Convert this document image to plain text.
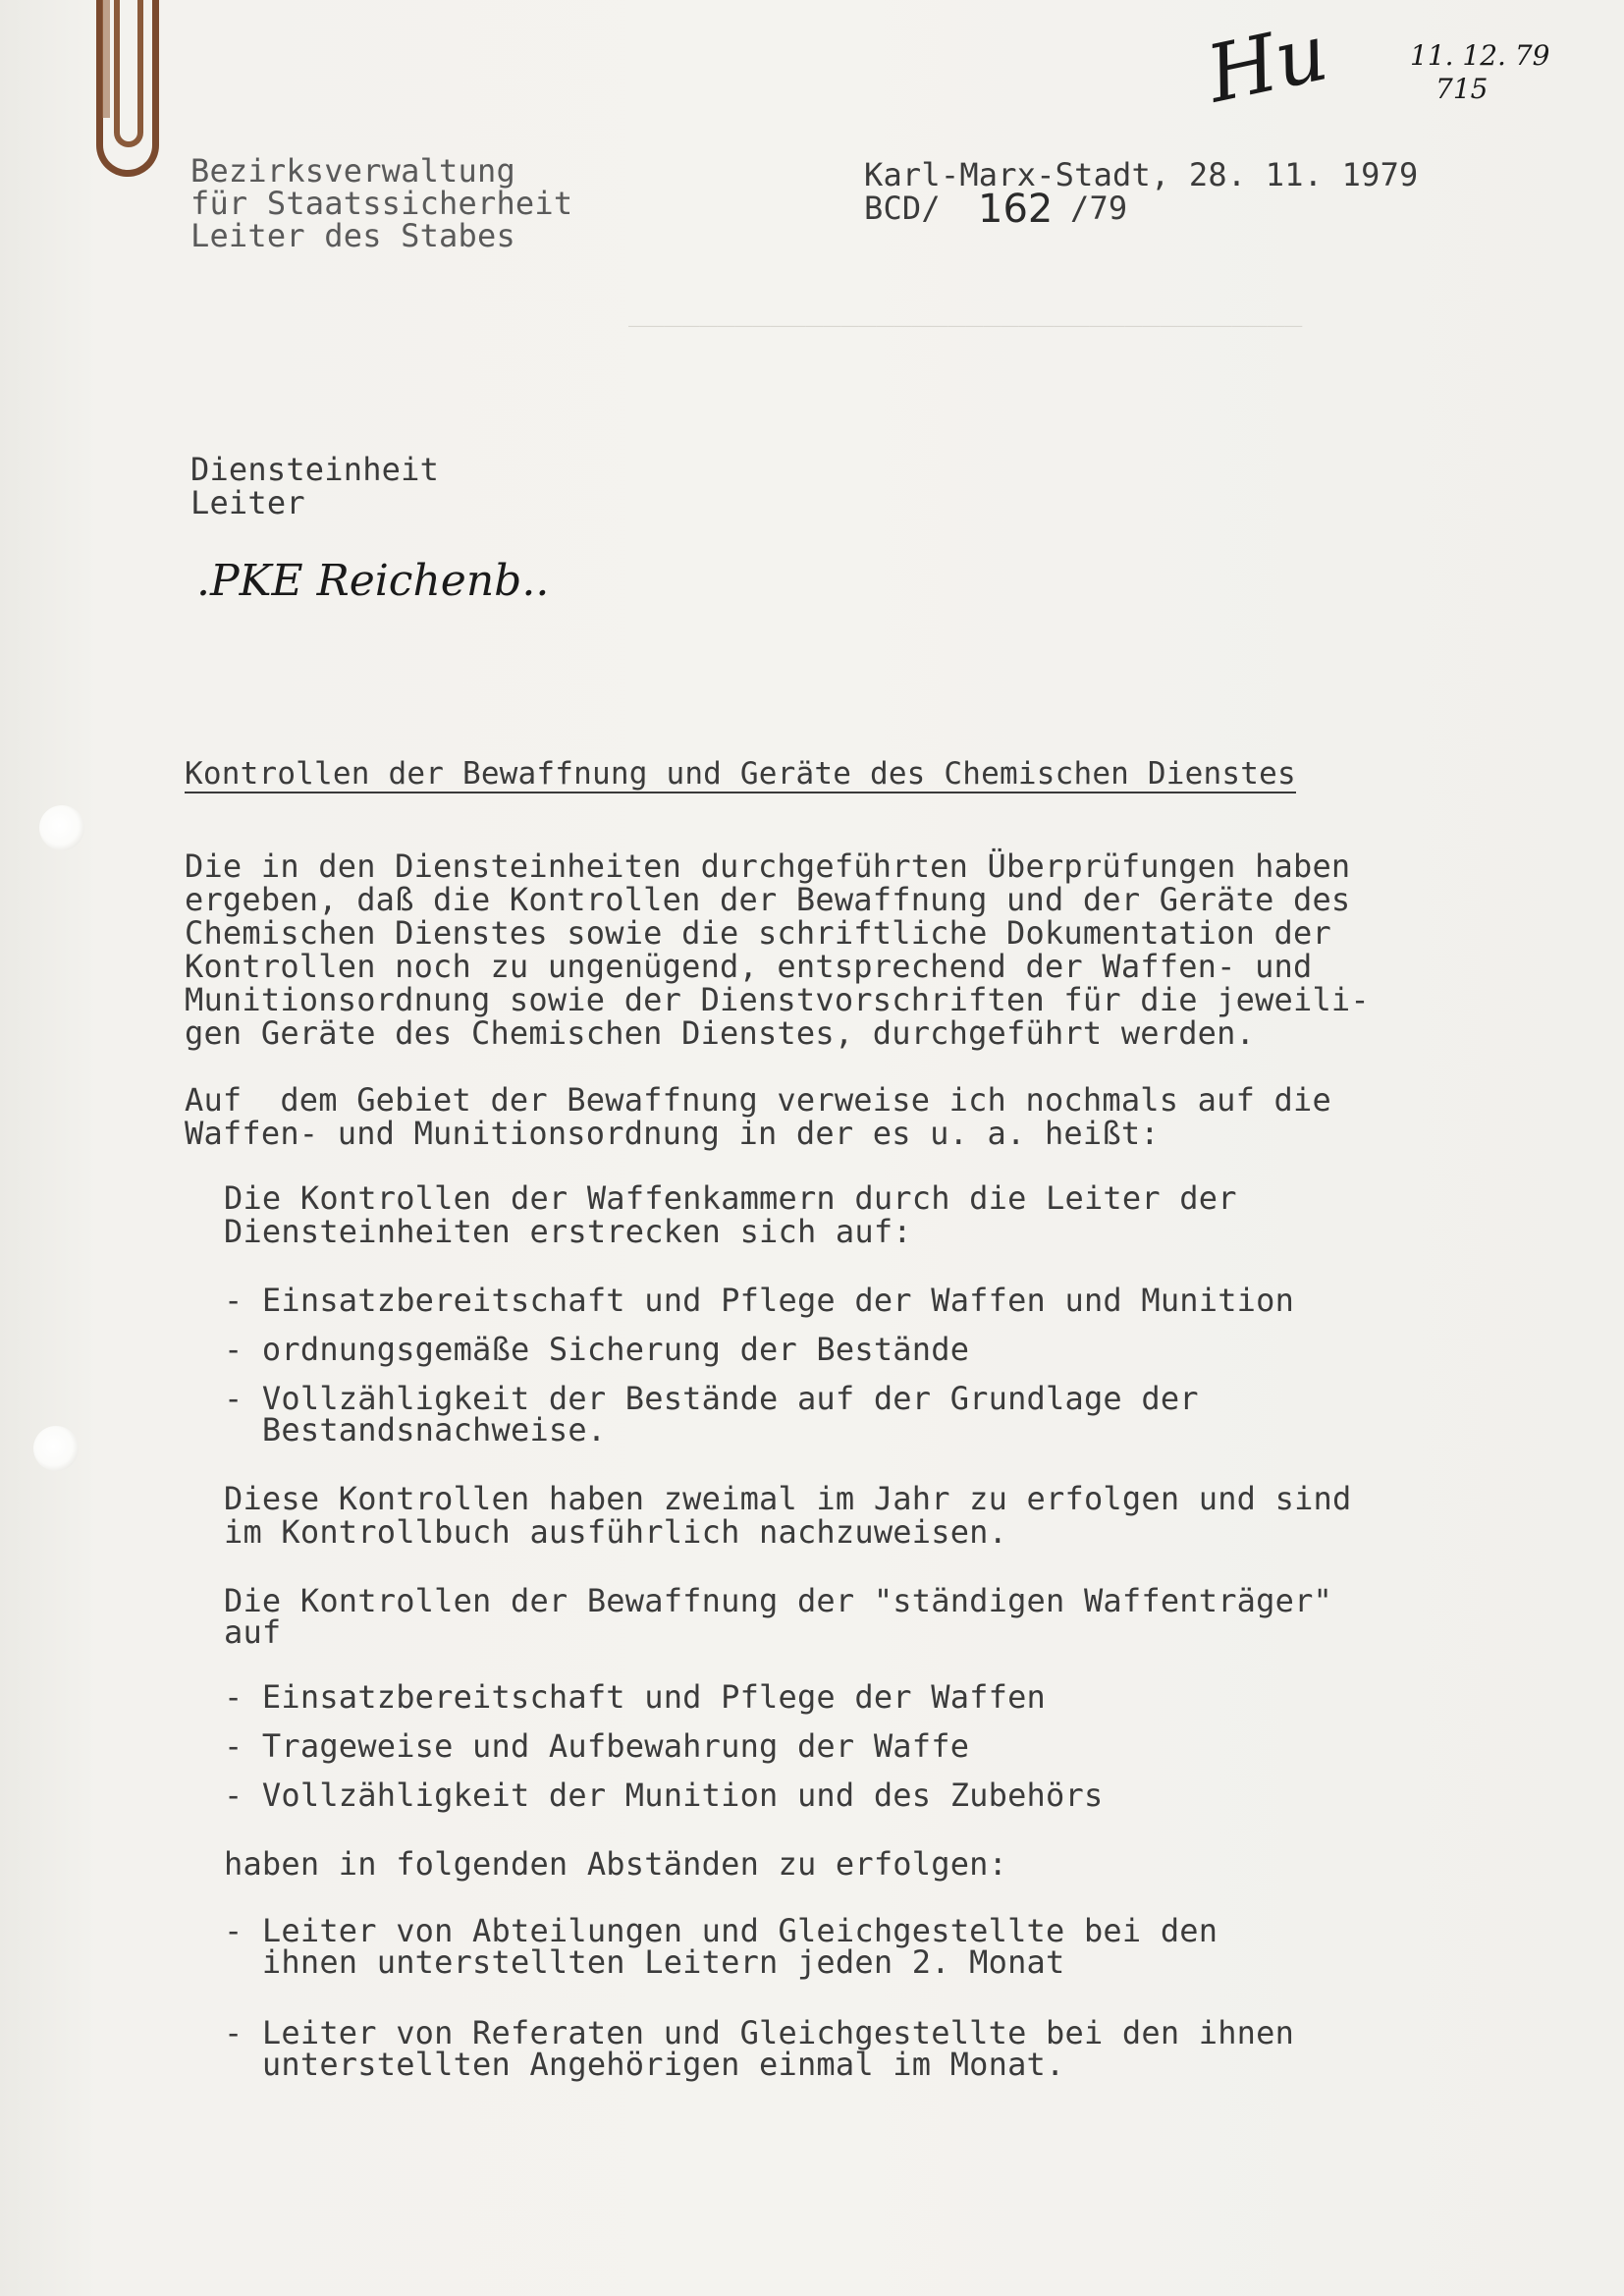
______________________________________
Bezirksverwaltung
für Staatssicherheit
Leiter des Stabes
Karl-Marx-Stadt, 28. 11. 1979
BCD/ 162 /79
Hu	11. 12. 79
715
Diensteinheit
Leiter
.PKE Reichenb..
Kontrollen der Bewaffnung und Geräte des Chemischen Dienstes
Die in den Diensteinheiten durchgeführten Überprüfungen haben
ergeben, daß die Kontrollen der Bewaffnung und der Geräte des
Chemischen Dienstes sowie die schriftliche Dokumentation der
Kontrollen noch zu ungenügend, entsprechend der Waffen- und
Munitionsordnung sowie der Dienstvorschriften für die jeweili-
gen Geräte des Chemischen Dienstes, durchgeführt werden.
Auf  dem Gebiet der Bewaffnung verweise ich nochmals auf die
Waffen- und Munitionsordnung in der es u. a. heißt:
Die Kontrollen der Waffenkammern durch die Leiter der
Diensteinheiten erstrecken sich auf:
- Einsatzbereitschaft und Pflege der Waffen und Munition
- ordnungsgemäße Sicherung der Bestände
- Vollzähligkeit der Bestände auf der Grundlage der
Bestandsnachweise.
Diese Kontrollen haben zweimal im Jahr zu erfolgen und sind
im Kontrollbuch ausführlich nachzuweisen.
Die Kontrollen der Bewaffnung der "ständigen Waffenträger"
auf
- Einsatzbereitschaft und Pflege der Waffen
- Trageweise und Aufbewahrung der Waffe
- Vollzähligkeit der Munition und des Zubehörs
haben in folgenden Abständen zu erfolgen:
- Leiter von Abteilungen und Gleichgestellte bei den
ihnen unterstellten Leitern jeden 2. Monat
- Leiter von Referaten und Gleichgestellte bei den ihnen
unterstellten Angehörigen einmal im Monat.
